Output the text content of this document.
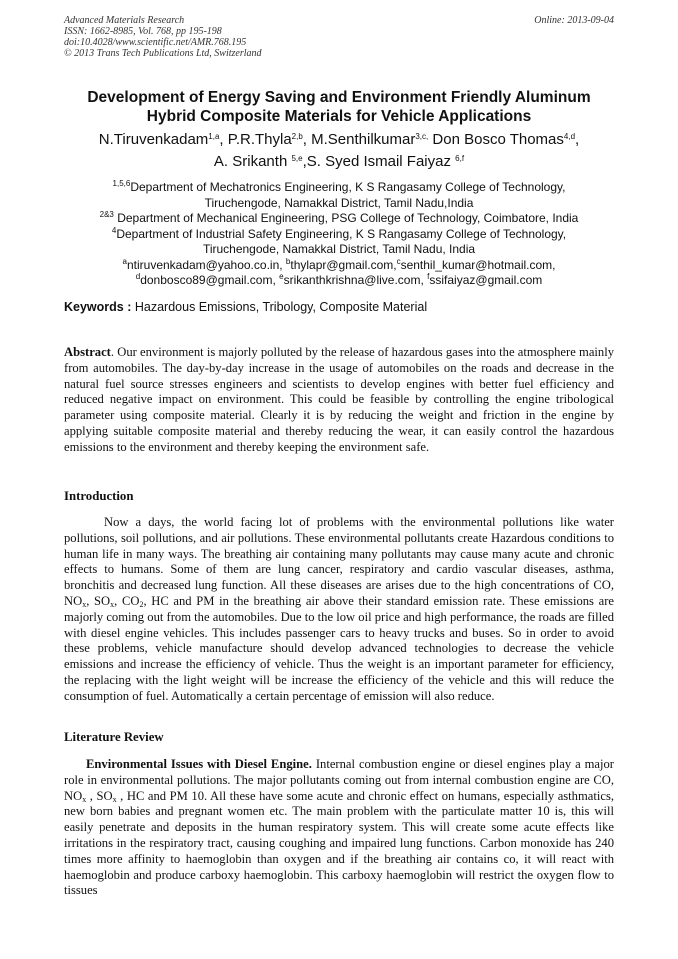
Advanced Materials Research
ISSN: 1662-8985, Vol. 768, pp 195-198
doi:10.4028/www.scientific.net/AMR.768.195
© 2013 Trans Tech Publications Ltd, Switzerland
Online: 2013-09-04
Development of Energy Saving and Environment Friendly Aluminum
Hybrid Composite Materials for Vehicle Applications
N.Tiruvenkadam$^{1,a}$, P.R.Thyla$^{2,b}$, M.Senthilkumar$^{3,c,}$ Don Bosco Thomas$^{4,d}$,
A. Srikanth $^{5,e}$,S. Syed Ismail Faiyaz $^{6,f}$
$^{1,5,6}$Department of Mechatronics Engineering, K S Rangasamy College of Technology,
Tiruchengode, Namakkal District, Tamil Nadu,India
$^{2\&3}$ Department of Mechanical Engineering, PSG College of Technology, Coimbatore, India
$^4$Department of Industrial Safety Engineering, K S Rangasamy College of Technology,
Tiruchengode, Namakkal District, Tamil Nadu, India
$^a$ntiruvenkadam@yahoo.co.in, $^b$thylapr@gmail.com,$^c$senthil_kumar@hotmail.com,
$^d$donbosco89@gmail.com, $^e$srikanthkrishna@live.com, $^f$ssifaiyaz@gmail.com
Keywords : Hazardous Emissions, Tribology, Composite Material
Abstract. Our environment is majorly polluted by the release of hazardous gases into the atmosphere mainly from automobiles. The day-by-day increase in the usage of automobiles on the roads and decrease in the natural fuel source stresses engineers and scientists to develop engines with better fuel efficiency and reduced negative impact on environment. This could be feasible by controlling the engine tribological parameter using composite material. Clearly it is by reducing the weight and friction in the engine by applying suitable composite material and thereby reducing the wear, it can easily control the hazardous emissions to the environment and thereby keeping the environment safe.
Introduction
Now a days, the world facing lot of problems with the environmental pollutions like water pollutions, soil pollutions, and air pollutions. These environmental pollutants create Hazardous conditions to human life in many ways. The breathing air containing many pollutants may cause many acute and chronic effects to humans. Some of them are lung cancer, respiratory and cardio vascular diseases, asthma, bronchitis and decreased lung function. All these diseases are arises due to the high concentrations of CO, $NO_x$, $SO_x$, $CO_2$, HC and PM in the breathing air above their standard emission rate. These emissions are majorly coming out from the automobiles. Due to the low oil price and high performance, the roads are filled with diesel engine vehicles. This includes passenger cars to heavy trucks and buses. So in order to avoid these problems, vehicle manufacture should develop advanced technologies to decrease the vehicle emissions and increase the efficiency of vehicle. Thus the weight is an important parameter for efficiency, the replacing with the light weight will be increase the efficiency of the vehicle and this will reduce the consumption of fuel. Automatically a certain percentage of emission will also reduce.
Literature Review
Environmental Issues with Diesel Engine. Internal combustion engine or diesel engines play a major role in environmental pollutions. The major pollutants coming out from internal combustion engine are CO, $NO_x$ , $SO_x$ , HC and PM 10. All these have some acute and chronic effect on humans, especially asthmatics, new born babies and pregnant women etc. The main problem with the particulate matter 10 is, this will easily penetrate and deposits in the human respiratory system. This will create some acute effects like irritations in the respiratory tract, causing coughing and impaired lung functions. Carbon monoxide has 240 times more affinity to haemoglobin than oxygen and if the breathing air contains co, it will react with haemoglobin and produce carboxy haemoglobin. This carboxy haemoglobin will restrict the oxygen flow to tissues
